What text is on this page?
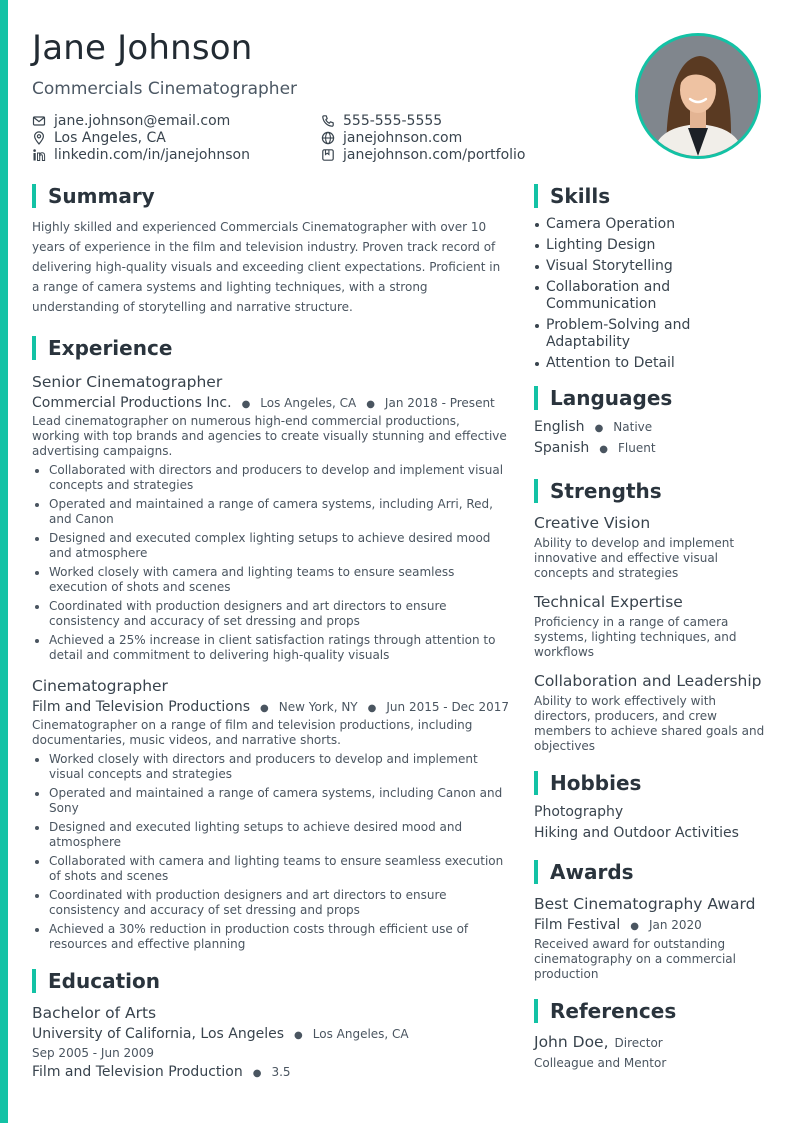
Jane Johnson
Commercials Cinematographer
jane.johnson@email.com
Los Angeles, CA
linkedin.com/in/janejohnson
555-555-5555
janejohnson.com
janejohnson.com/portfolio
Summary

Highly skilled and experienced Commercials Cinematographer with over 10 years of experience in the film and television industry. Proven track record of delivering high-quality visuals and exceeding client expectations. Proficient in a range of camera systems and lighting techniques, with a strong understanding of storytelling and narrative structure.

Experience
Senior Cinematographer
Commercial Productions Inc. ● Los Angeles, CA ● Jan 2018 - Present

Lead cinematographer on numerous high-end commercial productions, working with top brands and agencies to create visually stunning and effective advertising campaigns.

Collaborated with directors and producers to develop and implement visual concepts and strategies
Operated and maintained a range of camera systems, including Arri, Red, and Canon
Designed and executed complex lighting setups to achieve desired mood and atmosphere
Worked closely with camera and lighting teams to ensure seamless execution of shots and scenes
Coordinated with production designers and art directors to ensure consistency and accuracy of set dressing and props
Achieved a 25% increase in client satisfaction ratings through attention to detail and commitment to delivering high-quality visuals
Cinematographer
Film and Television Productions ● New York, NY ● Jun 2015 - Dec 2017

Cinematographer on a range of film and television productions, including documentaries, music videos, and narrative shorts.

Worked closely with directors and producers to develop and implement visual concepts and strategies
Operated and maintained a range of camera systems, including Canon and Sony
Designed and executed lighting setups to achieve desired mood and atmosphere
Collaborated with camera and lighting teams to ensure seamless execution of shots and scenes
Coordinated with production designers and art directors to ensure consistency and accuracy of set dressing and props
Achieved a 30% reduction in production costs through efficient use of resources and effective planning
Education
Bachelor of Arts
University of California, Los Angeles ● Los Angeles, CA
Sep 2005 - Jun 2009
Film and Television Production ● 3.5
Skills
Camera Operation
Lighting Design
Visual Storytelling
Collaboration and Communication
Problem-Solving and Adaptability
Attention to Detail
Languages
English ● Native
Spanish ● Fluent
Strengths
Creative Vision

Ability to develop and implement innovative and effective visual concepts and strategies

Technical Expertise

Proficiency in a range of camera systems, lighting techniques, and workflows

Collaboration and Leadership

Ability to work effectively with directors, producers, and crew members to achieve shared goals and objectives

Hobbies
Photography
Hiking and Outdoor Activities
Awards
Best Cinematography Award
Film Festival ● Jan 2020

Received award for outstanding cinematography on a commercial production

References
John Doe, Director
Colleague and Mentor
